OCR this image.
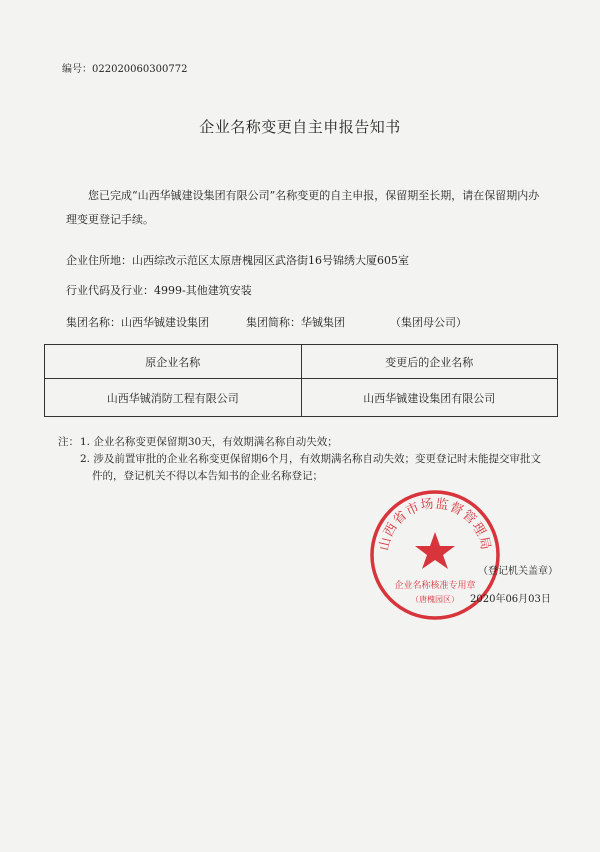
编号：022020060300772
企业名称变更自主申报告知书
您已完成“山西华铖建设集团有限公司”名称变更的自主申报，保留期至长期，请在保留期内办理变更登记手续。
企业住所地：山西综改示范区太原唐槐园区武洛街16号锦绣大厦605室
行业代码及行业：4999-其他建筑安装
集团名称：山西华铖建设集团	集团简称：华铖集团	（集团母公司）
原企业名称	变更后的企业名称
山西华铖消防工程有限公司	山西华铖建设集团有限公司
注： 1. 企业名称变更保留期30天，有效期满名称自动失效；
2. 涉及前置审批的企业名称变更保留期6个月，有效期满名称自动失效；变更登记时未能提交审批文
件的，登记机关不得以本告知书的企业名称登记；
山西省市场监督管理局
企业名称核准专用章
（唐槐园区）
（登记机关盖章）
2020年06月03日
